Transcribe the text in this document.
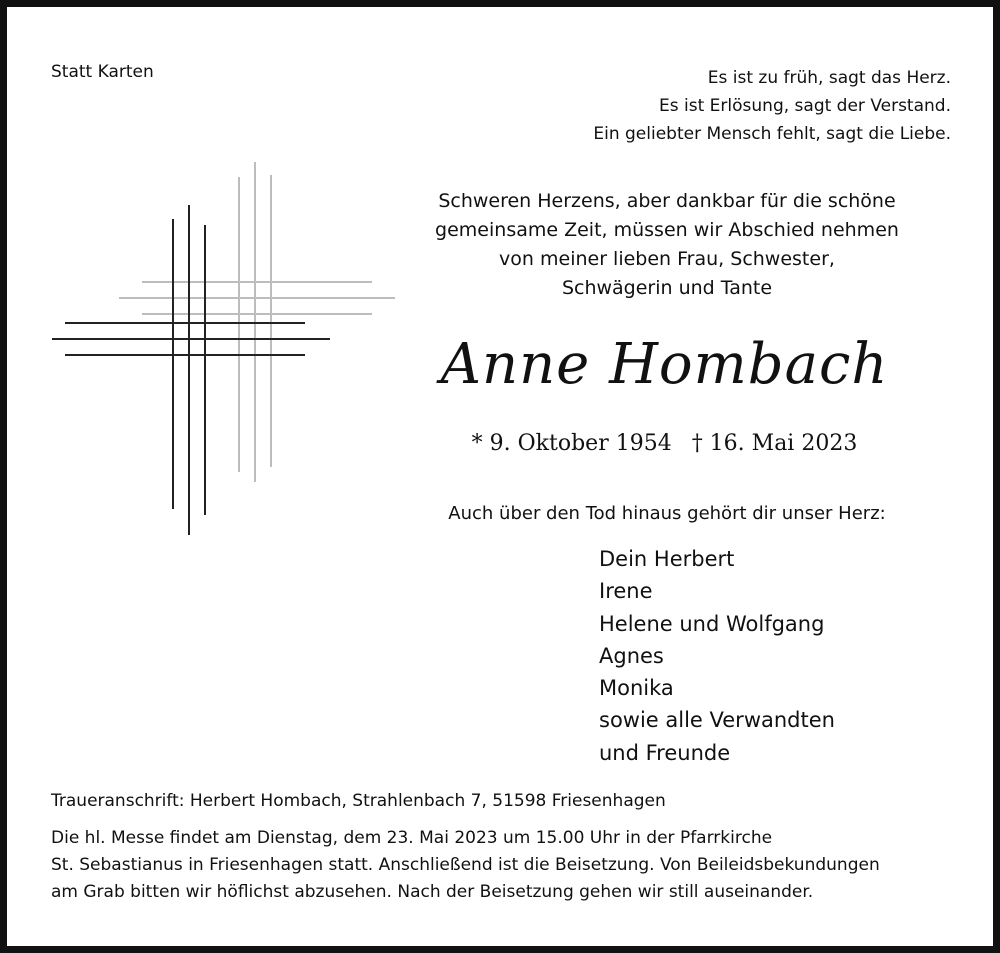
Statt Karten	Es ist zu früh, sagt das Herz.
Es ist Erlösung, sagt der Verstand.
Ein geliebter Mensch fehlt, sagt die Liebe.
Schweren Herzens, aber dankbar für die schöne
gemeinsame Zeit, müssen wir Abschied nehmen
von meiner lieben Frau, Schwester,
Schwägerin und Tante
Anne Hombach
* 9. Oktober 1954 † 16. Mai 2023
Auch über den Tod hinaus gehört dir unser Herz:
Dein Herbert
Irene
Helene und Wolfgang
Agnes
Monika
sowie alle Verwandten
und Freunde
Traueranschrift: Herbert Hombach, Strahlenbach 7, 51598 Friesenhagen
Die hl. Messe findet am Dienstag, dem 23. Mai 2023 um 15.00 Uhr in der Pfarrkirche
St. Sebastianus in Friesenhagen statt. Anschließend ist die Beisetzung. Von Beileidsbekundungen
am Grab bitten wir höflichst abzusehen. Nach der Beisetzung gehen wir still auseinander.
